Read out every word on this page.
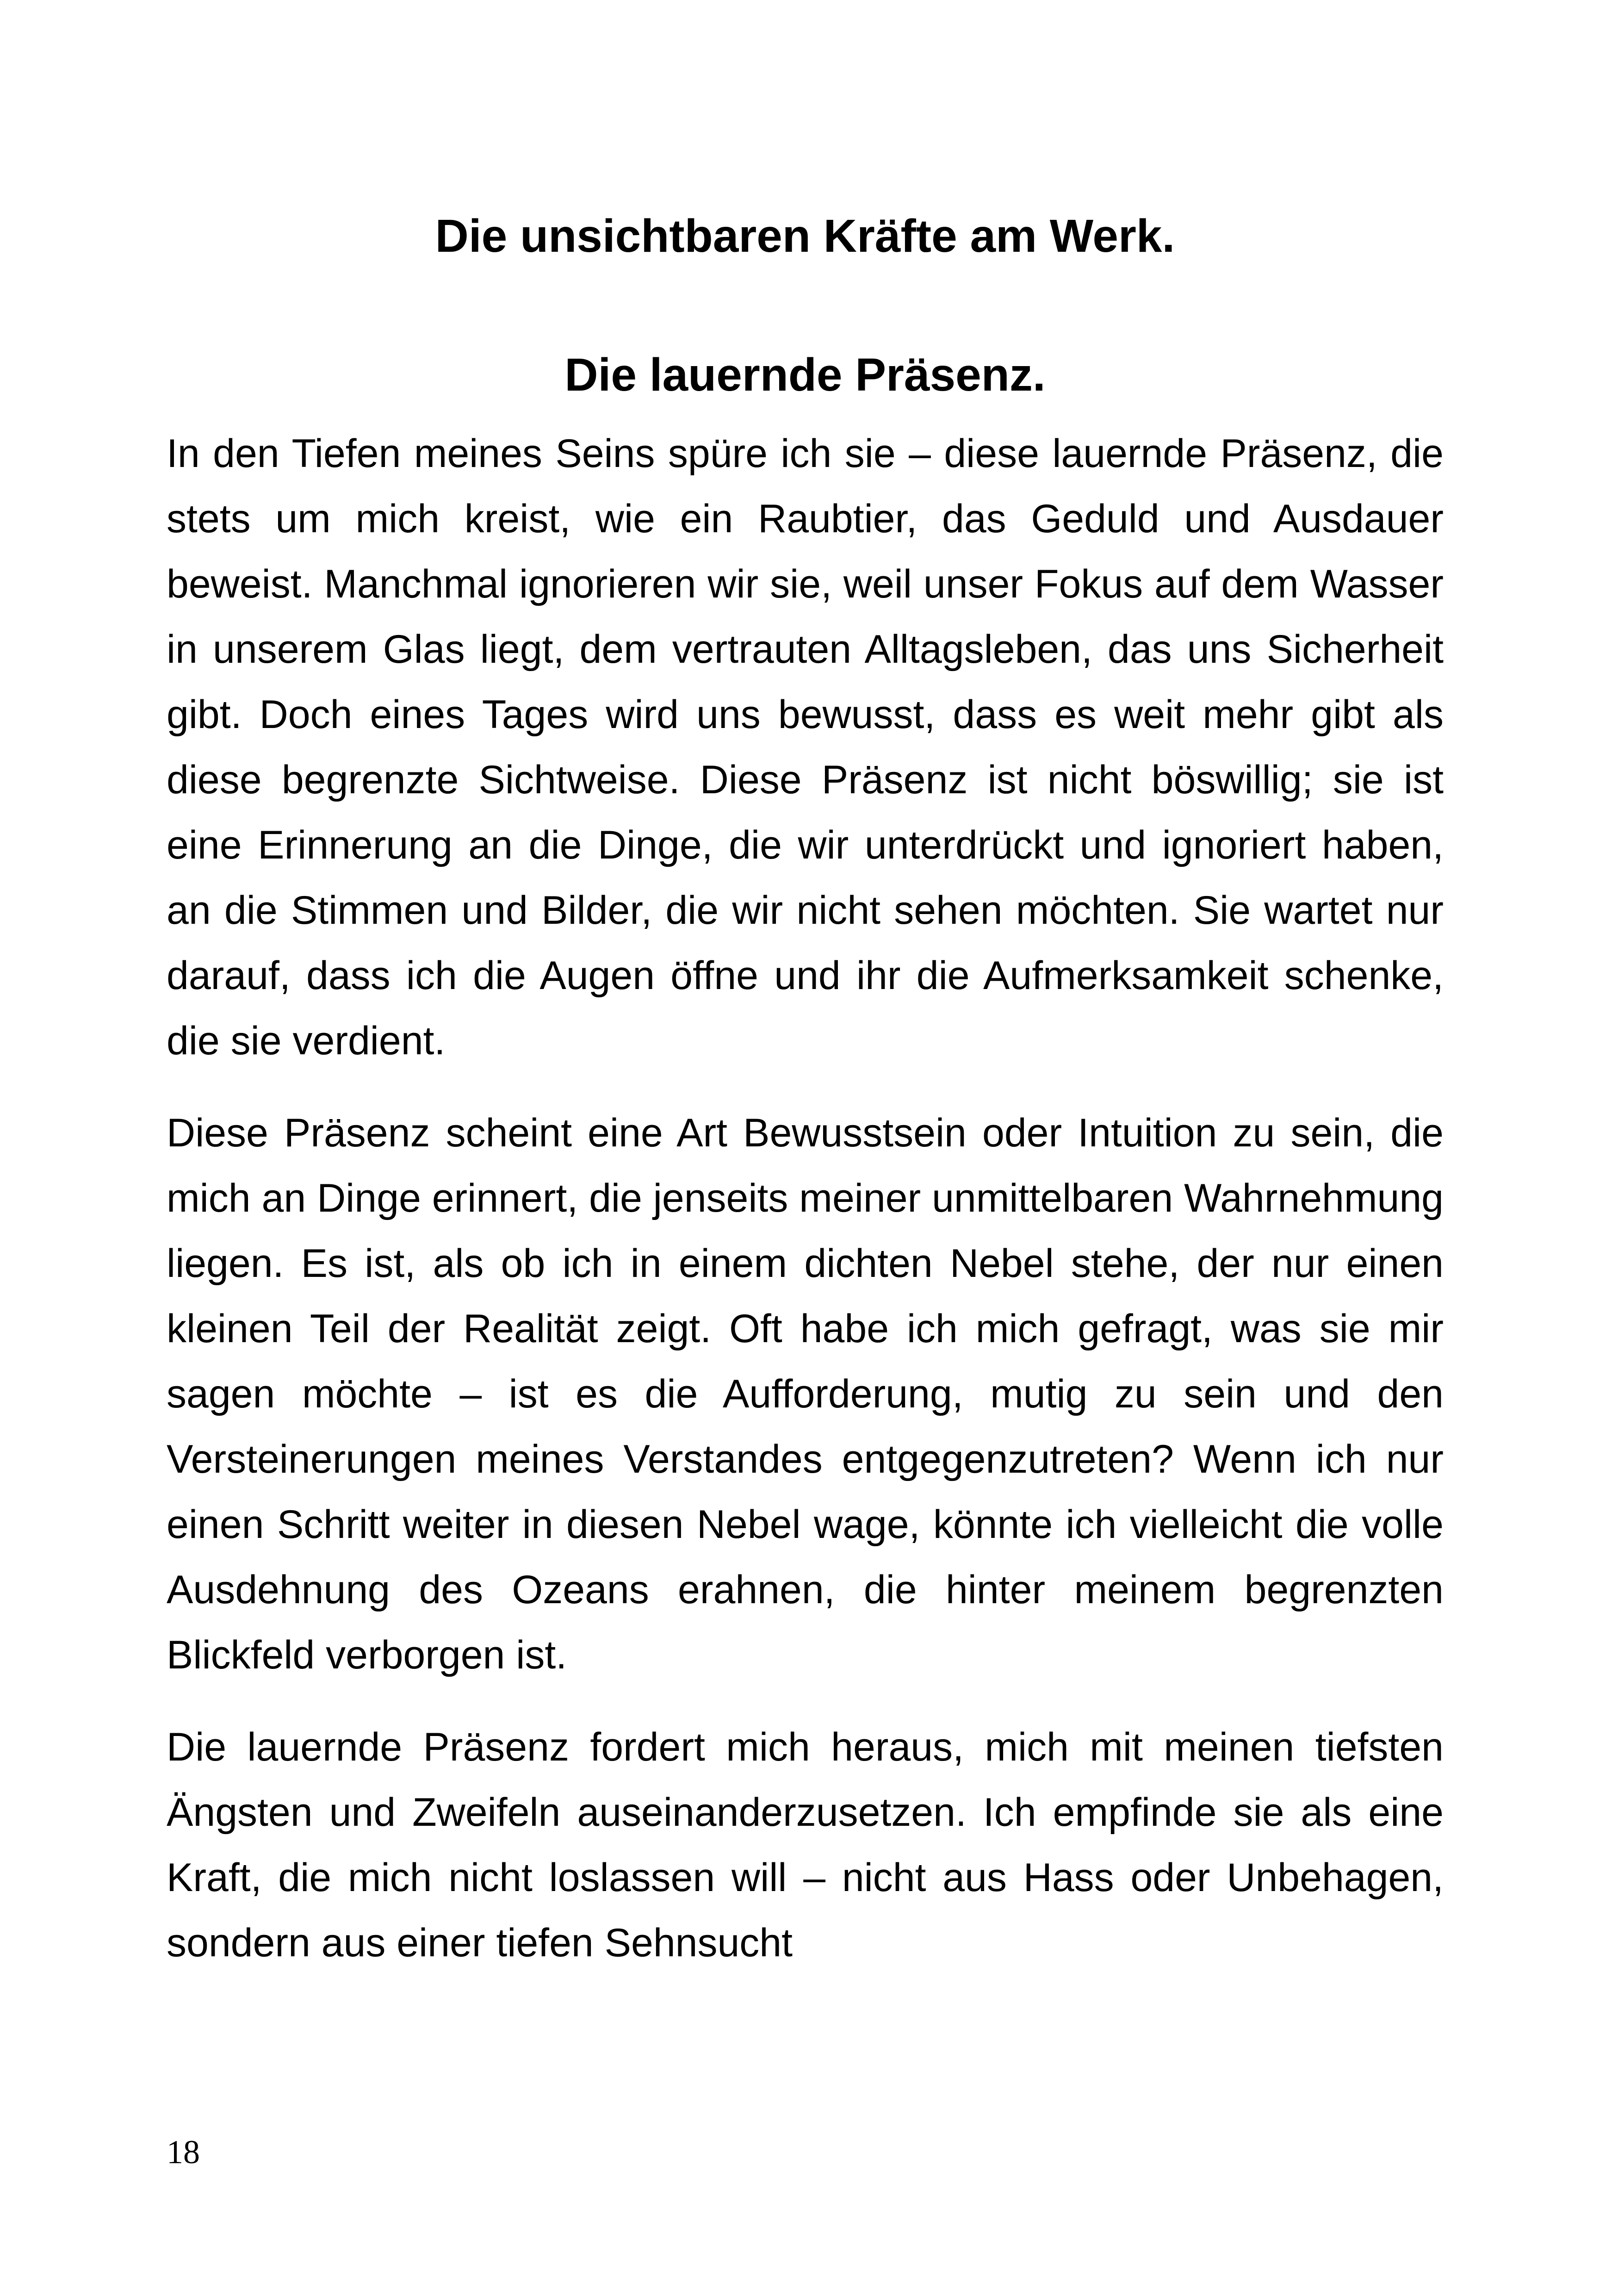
Die unsichtbaren Kräfte am Werk.
Die lauernde Präsenz.

In den Tiefen meines Seins spüre ich sie – diese lauernde Präsenz, die stets um mich kreist, wie ein Raubtier, das Geduld und Ausdauer beweist. Manchmal ignorieren wir sie, weil unser Fokus auf dem Wasser in unserem Glas liegt, dem vertrauten Alltagsleben, das uns Sicherheit gibt. Doch eines Tages wird uns bewusst, dass es weit mehr gibt als diese begrenzte Sichtweise. Diese Präsenz ist nicht böswillig; sie ist eine Erinnerung an die Dinge, die wir unterdrückt und ignoriert haben, an die Stimmen und Bilder, die wir nicht sehen möchten. Sie wartet nur darauf, dass ich die Augen öffne und ihr die Aufmerksamkeit schenke, die sie verdient.

Diese Präsenz scheint eine Art Bewusstsein oder Intuition zu sein, die mich an Dinge erinnert, die jenseits meiner unmittelbaren Wahrnehmung liegen. Es ist, als ob ich in einem dichten Nebel stehe, der nur einen kleinen Teil der Realität zeigt. Oft habe ich mich gefragt, was sie mir sagen möchte – ist es die Aufforderung, mutig zu sein und den Versteinerungen meines Verstandes entgegenzutreten? Wenn ich nur einen Schritt weiter in diesen Nebel wage, könnte ich vielleicht die volle Ausdehnung des Ozeans erahnen, die hinter meinem begrenzten Blickfeld verborgen ist.

Die lauernde Präsenz fordert mich heraus, mich mit meinen tiefsten Ängsten und Zweifeln auseinanderzusetzen. Ich empfinde sie als eine Kraft, die mich nicht loslassen will – nicht aus Hass oder Unbehagen, sondern aus einer tiefen Sehnsucht

18
